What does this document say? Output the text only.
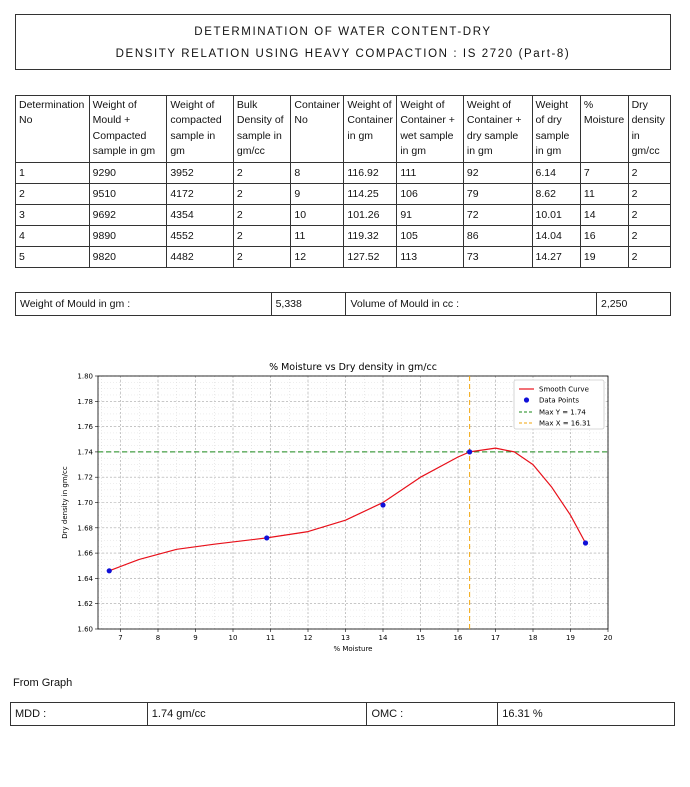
DETERMINATION OF WATER CONTENT-DRY
DENSITY RELATION USING HEAVY COMPACTION : IS 2720 (Part-8)
Determination No	Weight of Mould + Compacted sample in gm	Weight of compacted sample in gm	Bulk Density of sample in gm/cc	Container No	Weight of Container in gm	Weight of Container + wet sample in gm	Weight of Container + dry sample in gm	Weight of dry sample in gm	% Moisture	Dry density in gm/cc
1	9290	3952	2	8	116.92	111	92	6.14	7	2
2	9510	4172	2	9	114.25	106	79	8.62	11	2
3	9692	4354	2	10	101.26	91	72	10.01	14	2
4	9890	4552	2	11	119.32	105	86	14.04	16	2
5	9820	4482	2	12	127.52	113	73	14.27	19	2
Weight of Mould in gm :	5,338	Volume of Mould in cc :	2,250
7	8	9	10	11	12	13	14	15	16	17	18	19	20
1.60
1.62
1.64
1.66
1.68
1.70
1.72
1.74
1.76
1.78
1.80
% Moisture vs Dry density in gm/cc
% Moisture
Dry density in gm/cc
Smooth Curve
Data Points
Max Y = 1.74
Max X = 16.31
From Graph
MDD :	1.74 gm/cc	OMC :	16.31 %
